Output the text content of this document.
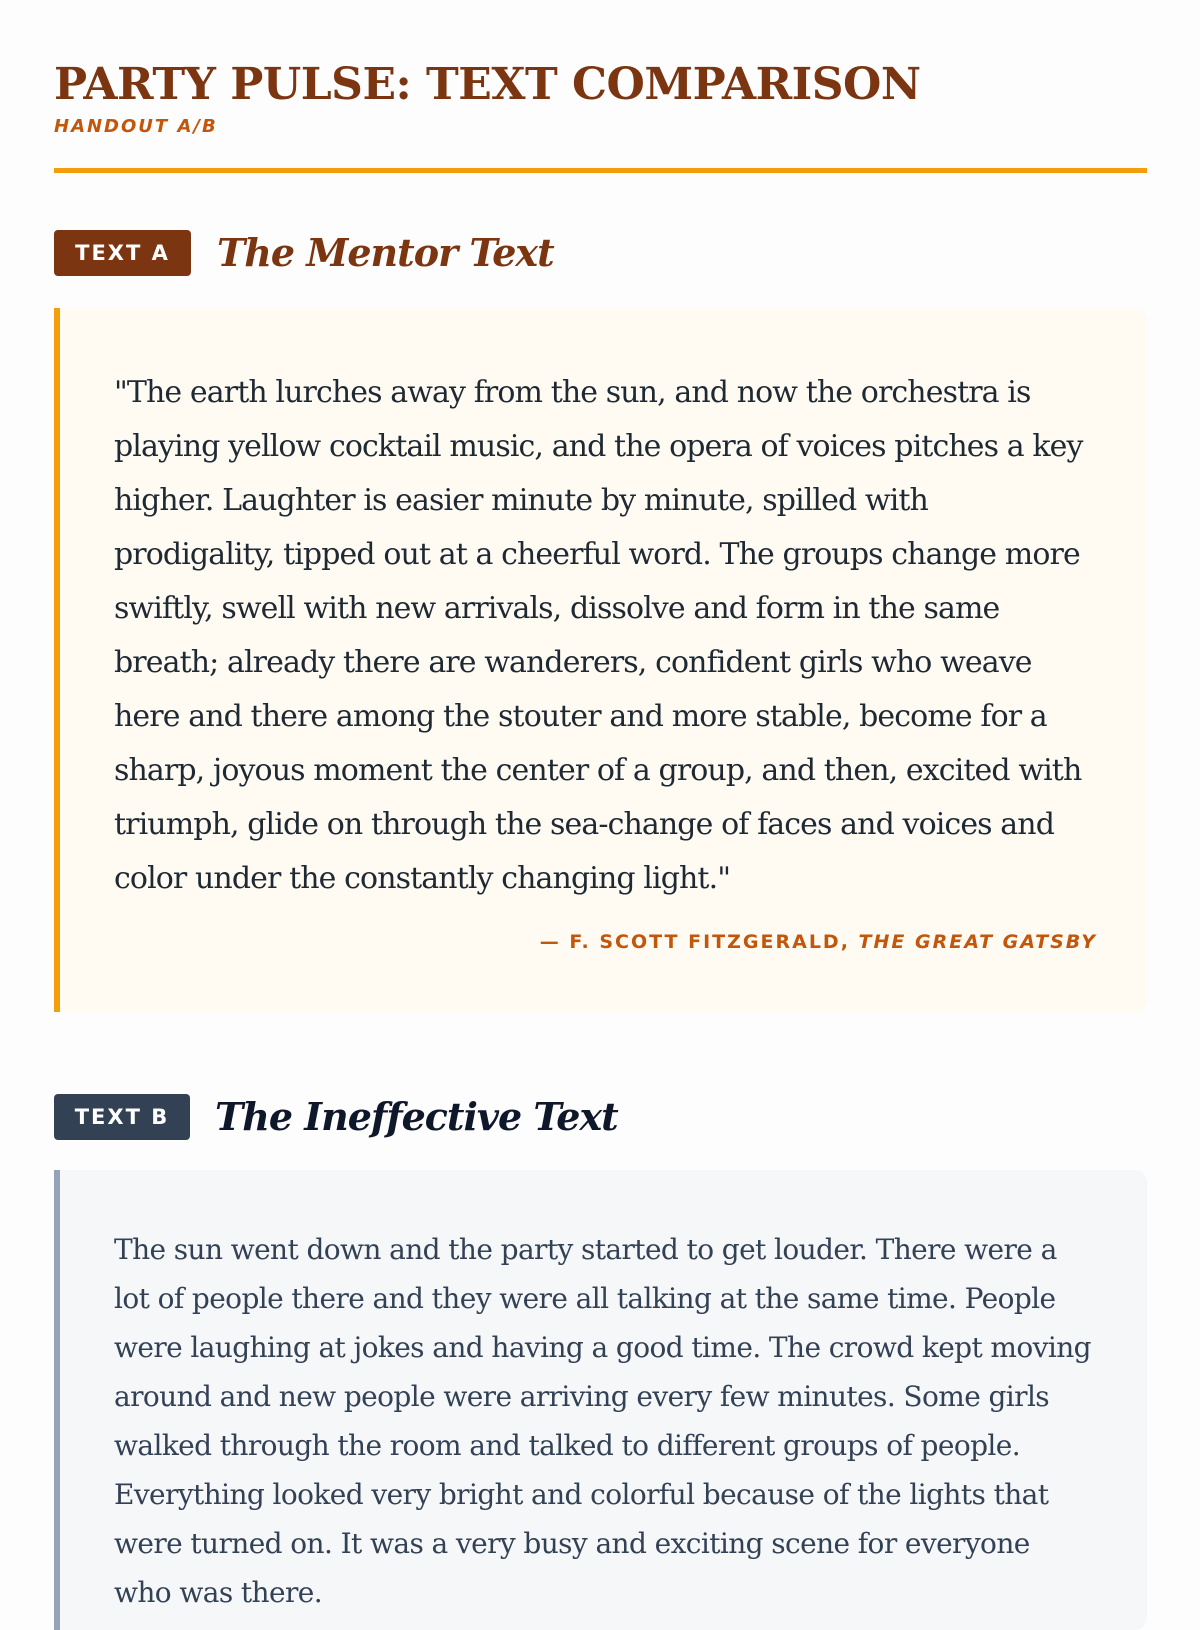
PARTY PULSE: TEXT COMPARISON
HANDOUT A/B
TEXT A	The Mentor Text

"The earth lurches away from the sun, and now the orchestra is playing yellow cocktail music, and the opera of voices pitches a key higher. Laughter is easier minute by minute, spilled with prodigality, tipped out at a cheerful word. The groups change more swiftly, swell with new arrivals, dissolve and form in the same breath; already there are wanderers, confident girls who weave here and there among the stouter and more stable, become for a sharp, joyous moment the center of a group, and then, excited with triumph, glide on through the sea-change of faces and voices and color under the constantly changing light."

— F. SCOTT FITZGERALD, THE GREAT GATSBY
TEXT B	The Ineffective Text

The sun went down and the party started to get louder. There were a lot of people there and they were all talking at the same time. People were laughing at jokes and having a good time. The crowd kept moving around and new people were arriving every few minutes. Some girls walked through the room and talked to different groups of people. Everything looked very bright and colorful because of the lights that were turned on. It was a very busy and exciting scene for everyone who was there.
